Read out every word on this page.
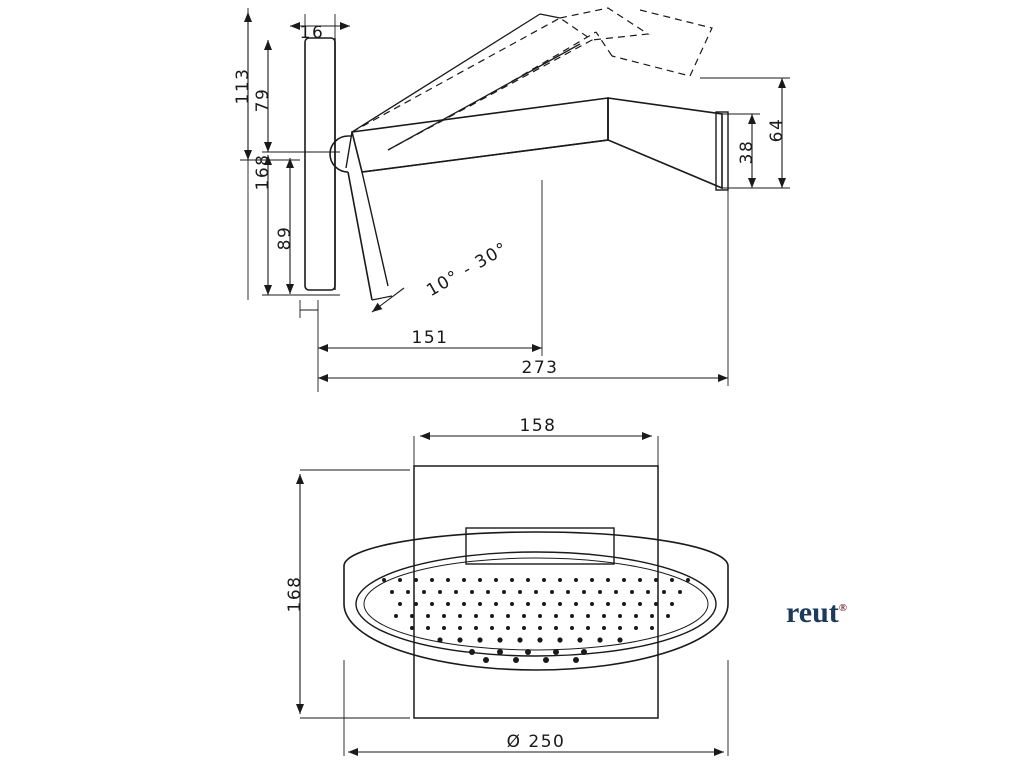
16
113 79
168
89
38
64
10° - 30°
151
273
158
168
Ø 250
reut®
